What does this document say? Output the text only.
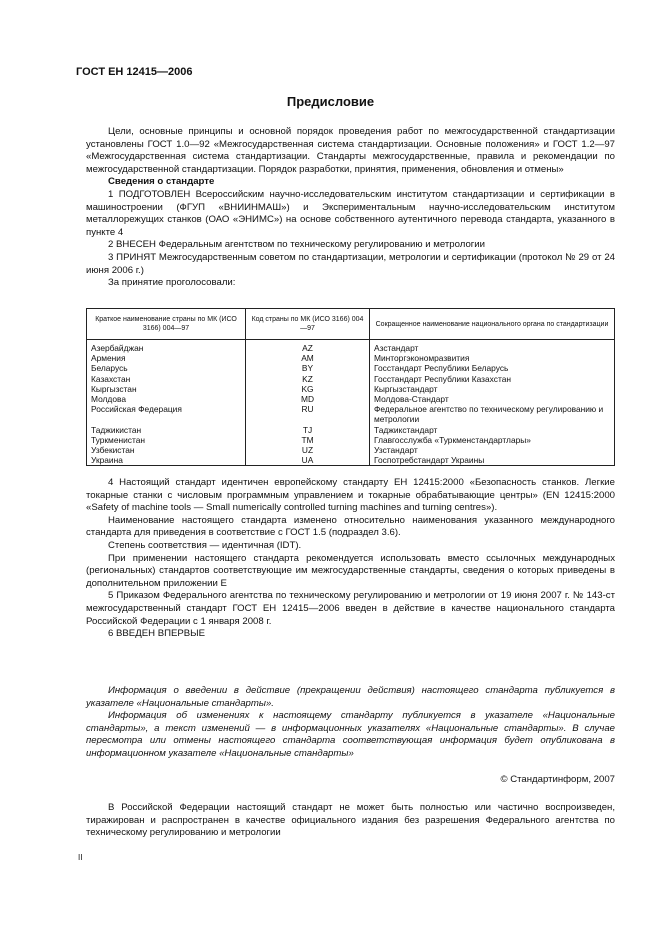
ГОСТ ЕН 12415—2006
Предисловие

Цели, основные принципы и основной порядок проведения работ по межгосударственной стандартизации установлены ГОСТ 1.0—92 «Межгосударственная система стандартизации. Основные положения» и ГОСТ 1.2—97 «Межгосударственная система стандартизации. Стандарты межгосударственные, правила и рекомендации по межгосударственной стандартизации. Порядок разработки, принятия, применения, обновления и отмены»

Сведения о стандарте

1 ПОДГОТОВЛЕН Всероссийским научно-исследовательским институтом стандартизации и сертификации в машиностроении (ФГУП «ВНИИНМАШ») и Экспериментальным научно-исследовательским институтом металлорежущих станков (ОАО «ЭНИМС») на основе собственного аутентичного перевода стандарта, указанного в пункте 4

2 ВНЕСЕН Федеральным агентством по техническому регулированию и метрологии

3 ПРИНЯТ Межгосударственным советом по стандартизации, метрологии и сертификации (протокол № 29 от 24 июня 2006 г.)

За принятие проголосовали:

Краткое наименование страны по МК (ИСО 3166) 004—97	Код страны по МК (ИСО 3166) 004—97	Сокращенное наименование национального органа по стандартизации
Азербайджан	AZ	Азстандарт
Армения	AM	Минторгэкономразвития
Беларусь	BY	Госстандарт Республики Беларусь
Казахстан	KZ	Госстандарт Республики Казахстан
Кыргызстан	KG	Кыргызстандарт
Молдова	MD	Молдова-Стандарт
Российская Федерация	RU	Федеральное агентство по техническому регулированию и метрологии
Таджикистан	TJ	Таджикстандарт
Туркменистан	TM	Главгосслужба «Туркменстандартлары»
Узбекистан	UZ	Узстандарт
Украина	UA	Госпотребстандарт Украины

4 Настоящий стандарт идентичен европейскому стандарту ЕН 12415:2000 «Безопасность станков. Легкие токарные станки с числовым программным управлением и токарные обрабатывающие центры» (EN 12415:2000 «Safety of machine tools — Small numerically controlled turning machines and turning centres»).

Наименование настоящего стандарта изменено относительно наименования указанного международного стандарта для приведения в соответствие с ГОСТ 1.5 (подраздел 3.6).

Степень соответствия — идентичная (IDT).

При применении настоящего стандарта рекомендуется использовать вместо ссылочных международных (региональных) стандартов соответствующие им межгосударственные стандарты, сведения о которых приведены в дополнительном приложении Е

5 Приказом Федерального агентства по техническому регулированию и метрологии от 19 июня 2007 г. № 143-ст межгосударственный стандарт ГОСТ ЕН 12415—2006 введен в действие в качестве национального стандарта Российской Федерации с 1 января 2008 г.

6 ВВЕДЕН ВПЕРВЫЕ

Информация о введении в действие (прекращении действия) настоящего стандарта публикуется в указателе «Национальные стандарты».

Информация об изменениях к настоящему стандарту публикуется в указателе «Национальные стандарты», а текст изменений — в информационных указателях «Национальные стандарты». В случае пересмотра или отмены настоящего стандарта соответствующая информация будет опубликована в информационном указателе «Национальные стандарты»

© Стандартинформ, 2007

В Российской Федерации настоящий стандарт не может быть полностью или частично воспроизведен, тиражирован и распространен в качестве официального издания без разрешения Федерального агентства по техническому регулированию и метрологии

II
